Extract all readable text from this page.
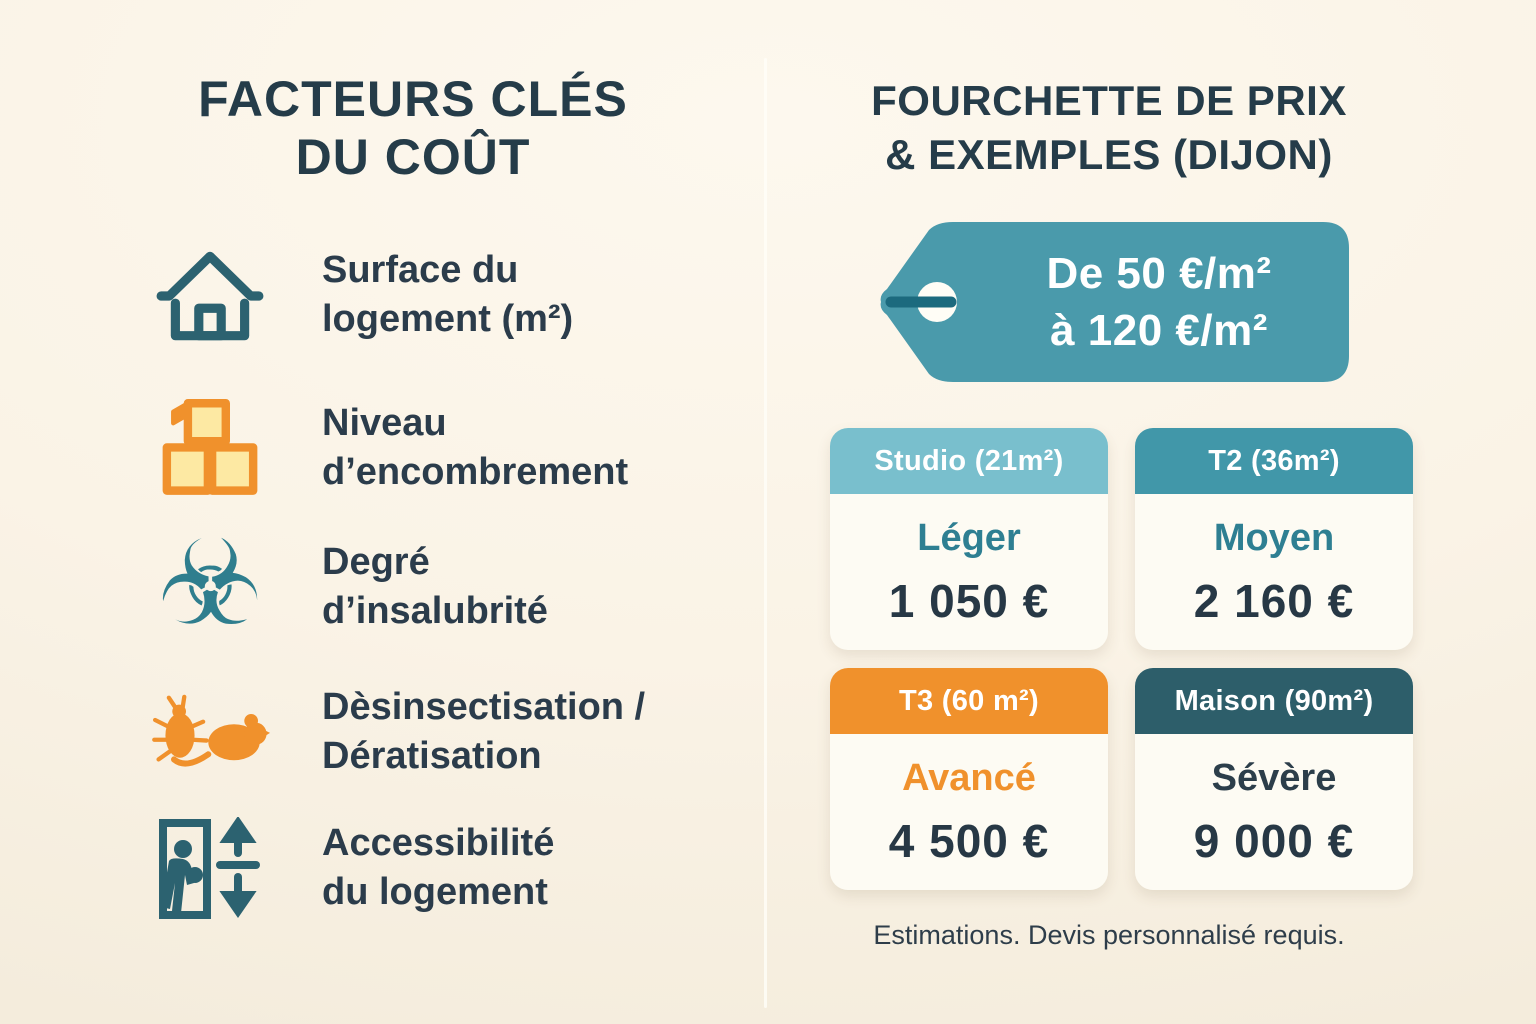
FACTEURS CLÉS
DU COÛT
Surface du
logement (m²)
Niveau
d’encombrement
☣ Degré
d’insalubrité
Dèsinsectisation /
Dératisation
Accessibilité
du logement
FOURCHETTE DE PRIX
& EXEMPLES (DIJON)
De 50 €/m²
à 120 €/m²
Studio (21m²)
Léger
1 050 €
T2 (36m²)
Moyen
2 160 €
T3 (60 m²)
Avancé
4 500 €
Maison (90m²)
Sévère
9 000 €
Estimations. Devis personnalisé requis.
